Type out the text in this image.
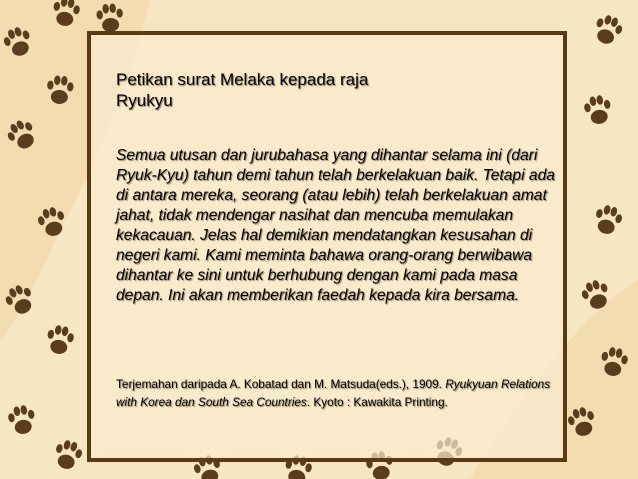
Petikan surat Melaka kepada raja Ryukyu

Semua utusan dan jurubahasa yang dihantar selama ini (dari Ryuk-Kyu) tahun demi tahun telah berkelakuan baik. Tetapi ada di antara mereka, seorang (atau lebih) telah berkelakuan amat jahat, tidak mendengar nasihat dan mencuba memulakan kekacauan. Jelas hal demikian mendatangkan kesusahan di negeri kami. Kami meminta bahawa orang-orang berwibawa dihantar ke sini untuk berhubung dengan kami pada masa depan. Ini akan memberikan faedah kepada kira bersama.

Terjemahan daripada A. Kobatad dan M. Matsuda(eds.), 1909. Ryukyuan Relations with Korea dan South Sea Countries. Kyoto : Kawakita Printing.
